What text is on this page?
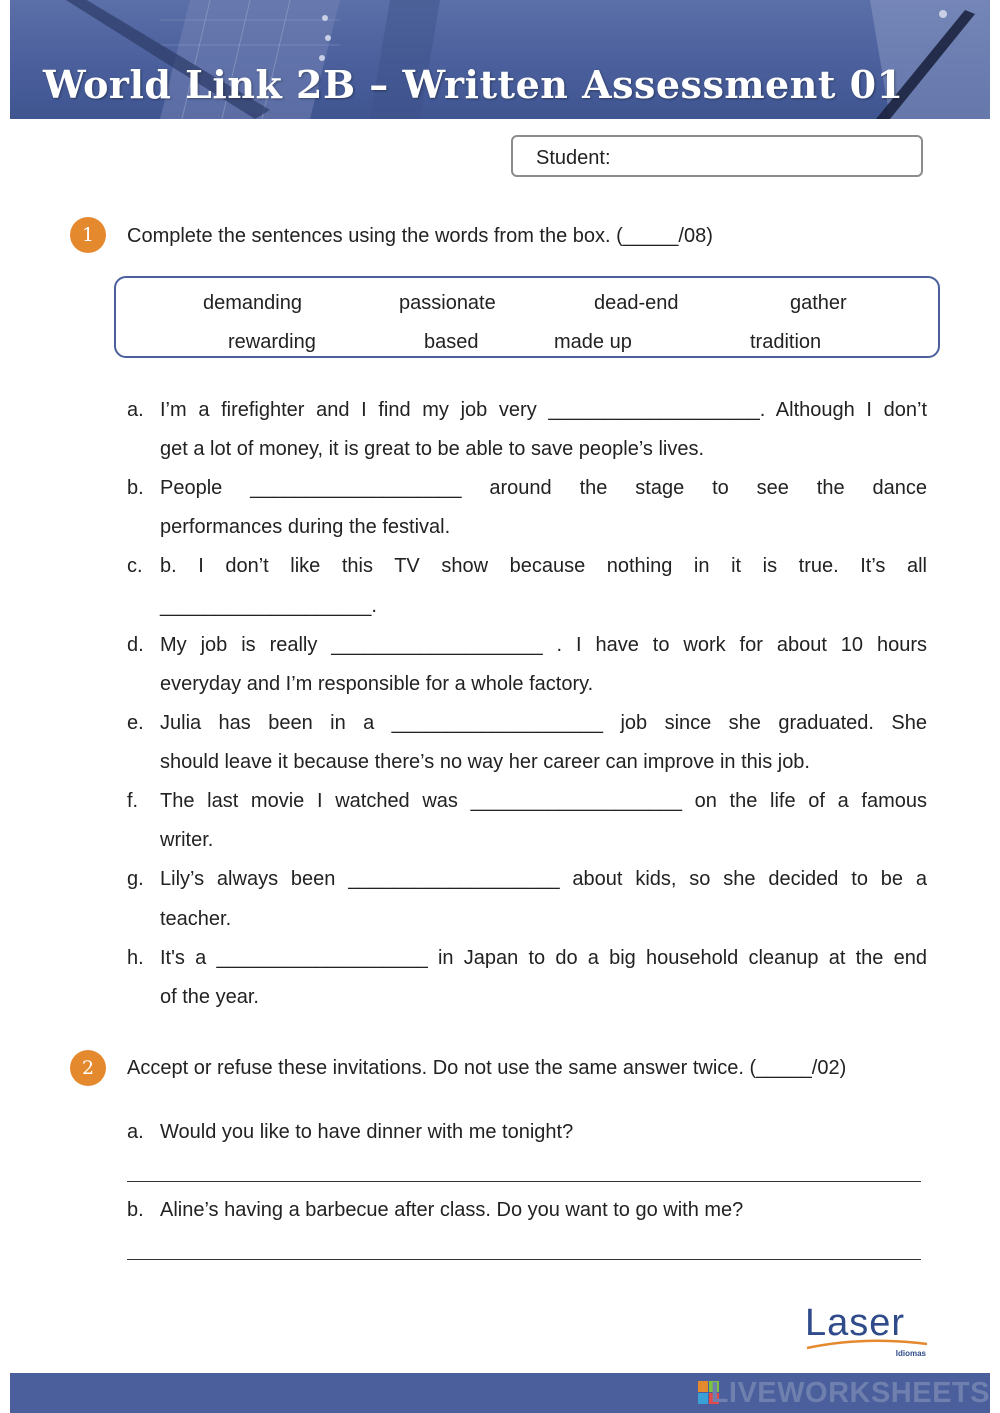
World Link 2B – Written Assessment 01
Student:
1	Complete the sentences using the words from the box. (_____/08)
demanding	passionate	dead-end	gather
rewarding	based	made up	tradition
a. I’m a firefighter and I find my job very ___________________. Although I don’t
get a lot of money, it is great to be able to save people’s lives.
b. People ___________________ around the stage to see the dance
performances during the festival.
c. b. I don’t like this TV show because nothing in it is true. It’s all
___________________.
d. My job is really ___________________ . I have to work for about 10 hours
everyday and I’m responsible for a whole factory.
e. Julia has been in a ___________________ job since she graduated. She
should leave it because there’s no way her career can improve in this job.
f. The last movie I watched was ___________________ on the life of a famous
writer.
g. Lily’s always been ___________________ about kids, so she decided to be a
teacher.
h. It's a ___________________ in Japan to do a big household cleanup at the end
of the year.
2	Accept or refuse these invitations. Do not use the same answer twice. (_____/02)
a. Would you like to have dinner with me tonight?
b. Aline’s having a barbecue after class. Do you want to go with me?
Laser
Idiomas
LIVEWORKSHEETS
